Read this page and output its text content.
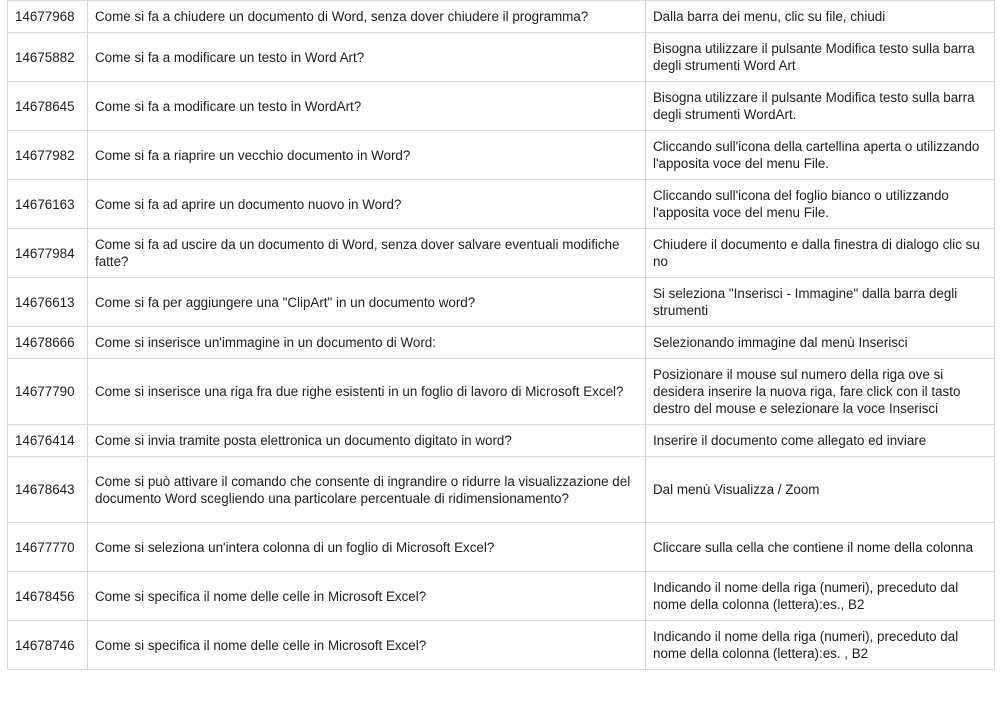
14677968	Come si fa a chiudere un documento di Word, senza dover chiudere il programma?	Dalla barra dei menu, clic su file, chiudi
14675882	Come si fa a modificare un testo in Word Art?	Bisogna utilizzare il pulsante Modifica testo sulla barra degli strumenti Word Art
14678645	Come si fa a modificare un testo in WordArt?	Bisogna utilizzare il pulsante Modifica testo sulla barra degli strumenti WordArt.
14677982	Come si fa a riaprire un vecchio documento in Word?	Cliccando sull'icona della cartellina aperta o utilizzando l'apposita voce del menu File.
14676163	Come si fa ad aprire un documento nuovo in Word?	Cliccando sull'icona del foglio bianco o utilizzando l'apposita voce del menu File.
14677984	Come si fa ad uscire da un documento di Word, senza dover salvare eventuali modifiche fatte?	Chiudere il documento e dalla finestra di dialogo clic su no
14676613	Come si fa per aggiungere una "ClipArt" in un documento word?	Si seleziona "Inserisci - Immagine" dalla barra degli strumenti
14678666	Come si inserisce un'immagine in un documento di Word:	Selezionando immagine dal menù Inserisci
14677790	Come si inserisce una riga fra due righe esistenti in un foglio di lavoro di Microsoft Excel?	Posizionare il mouse sul numero della riga ove si desidera inserire la nuova riga, fare click con il tasto destro del mouse e selezionare la voce Inserisci
14676414	Come si invia tramite posta elettronica un documento digitato in word?	Inserire il documento come allegato ed inviare
14678643	Come si può attivare il comando che consente di ingrandire o ridurre la visualizzazione del documento Word scegliendo una particolare percentuale di ridimensionamento?	Dal menù Visualizza / Zoom
14677770	Come si seleziona un'intera colonna di un foglio di Microsoft Excel?	Cliccare sulla cella che contiene il nome della colonna
14678456	Come si specifica il nome delle celle in Microsoft Excel?	Indicando il nome della riga (numeri), preceduto dal nome della colonna (lettera):es., B2
14678746	Come si specifica il nome delle celle in Microsoft Excel?	Indicando il nome della riga (numeri), preceduto dal nome della colonna (lettera):es. , B2
